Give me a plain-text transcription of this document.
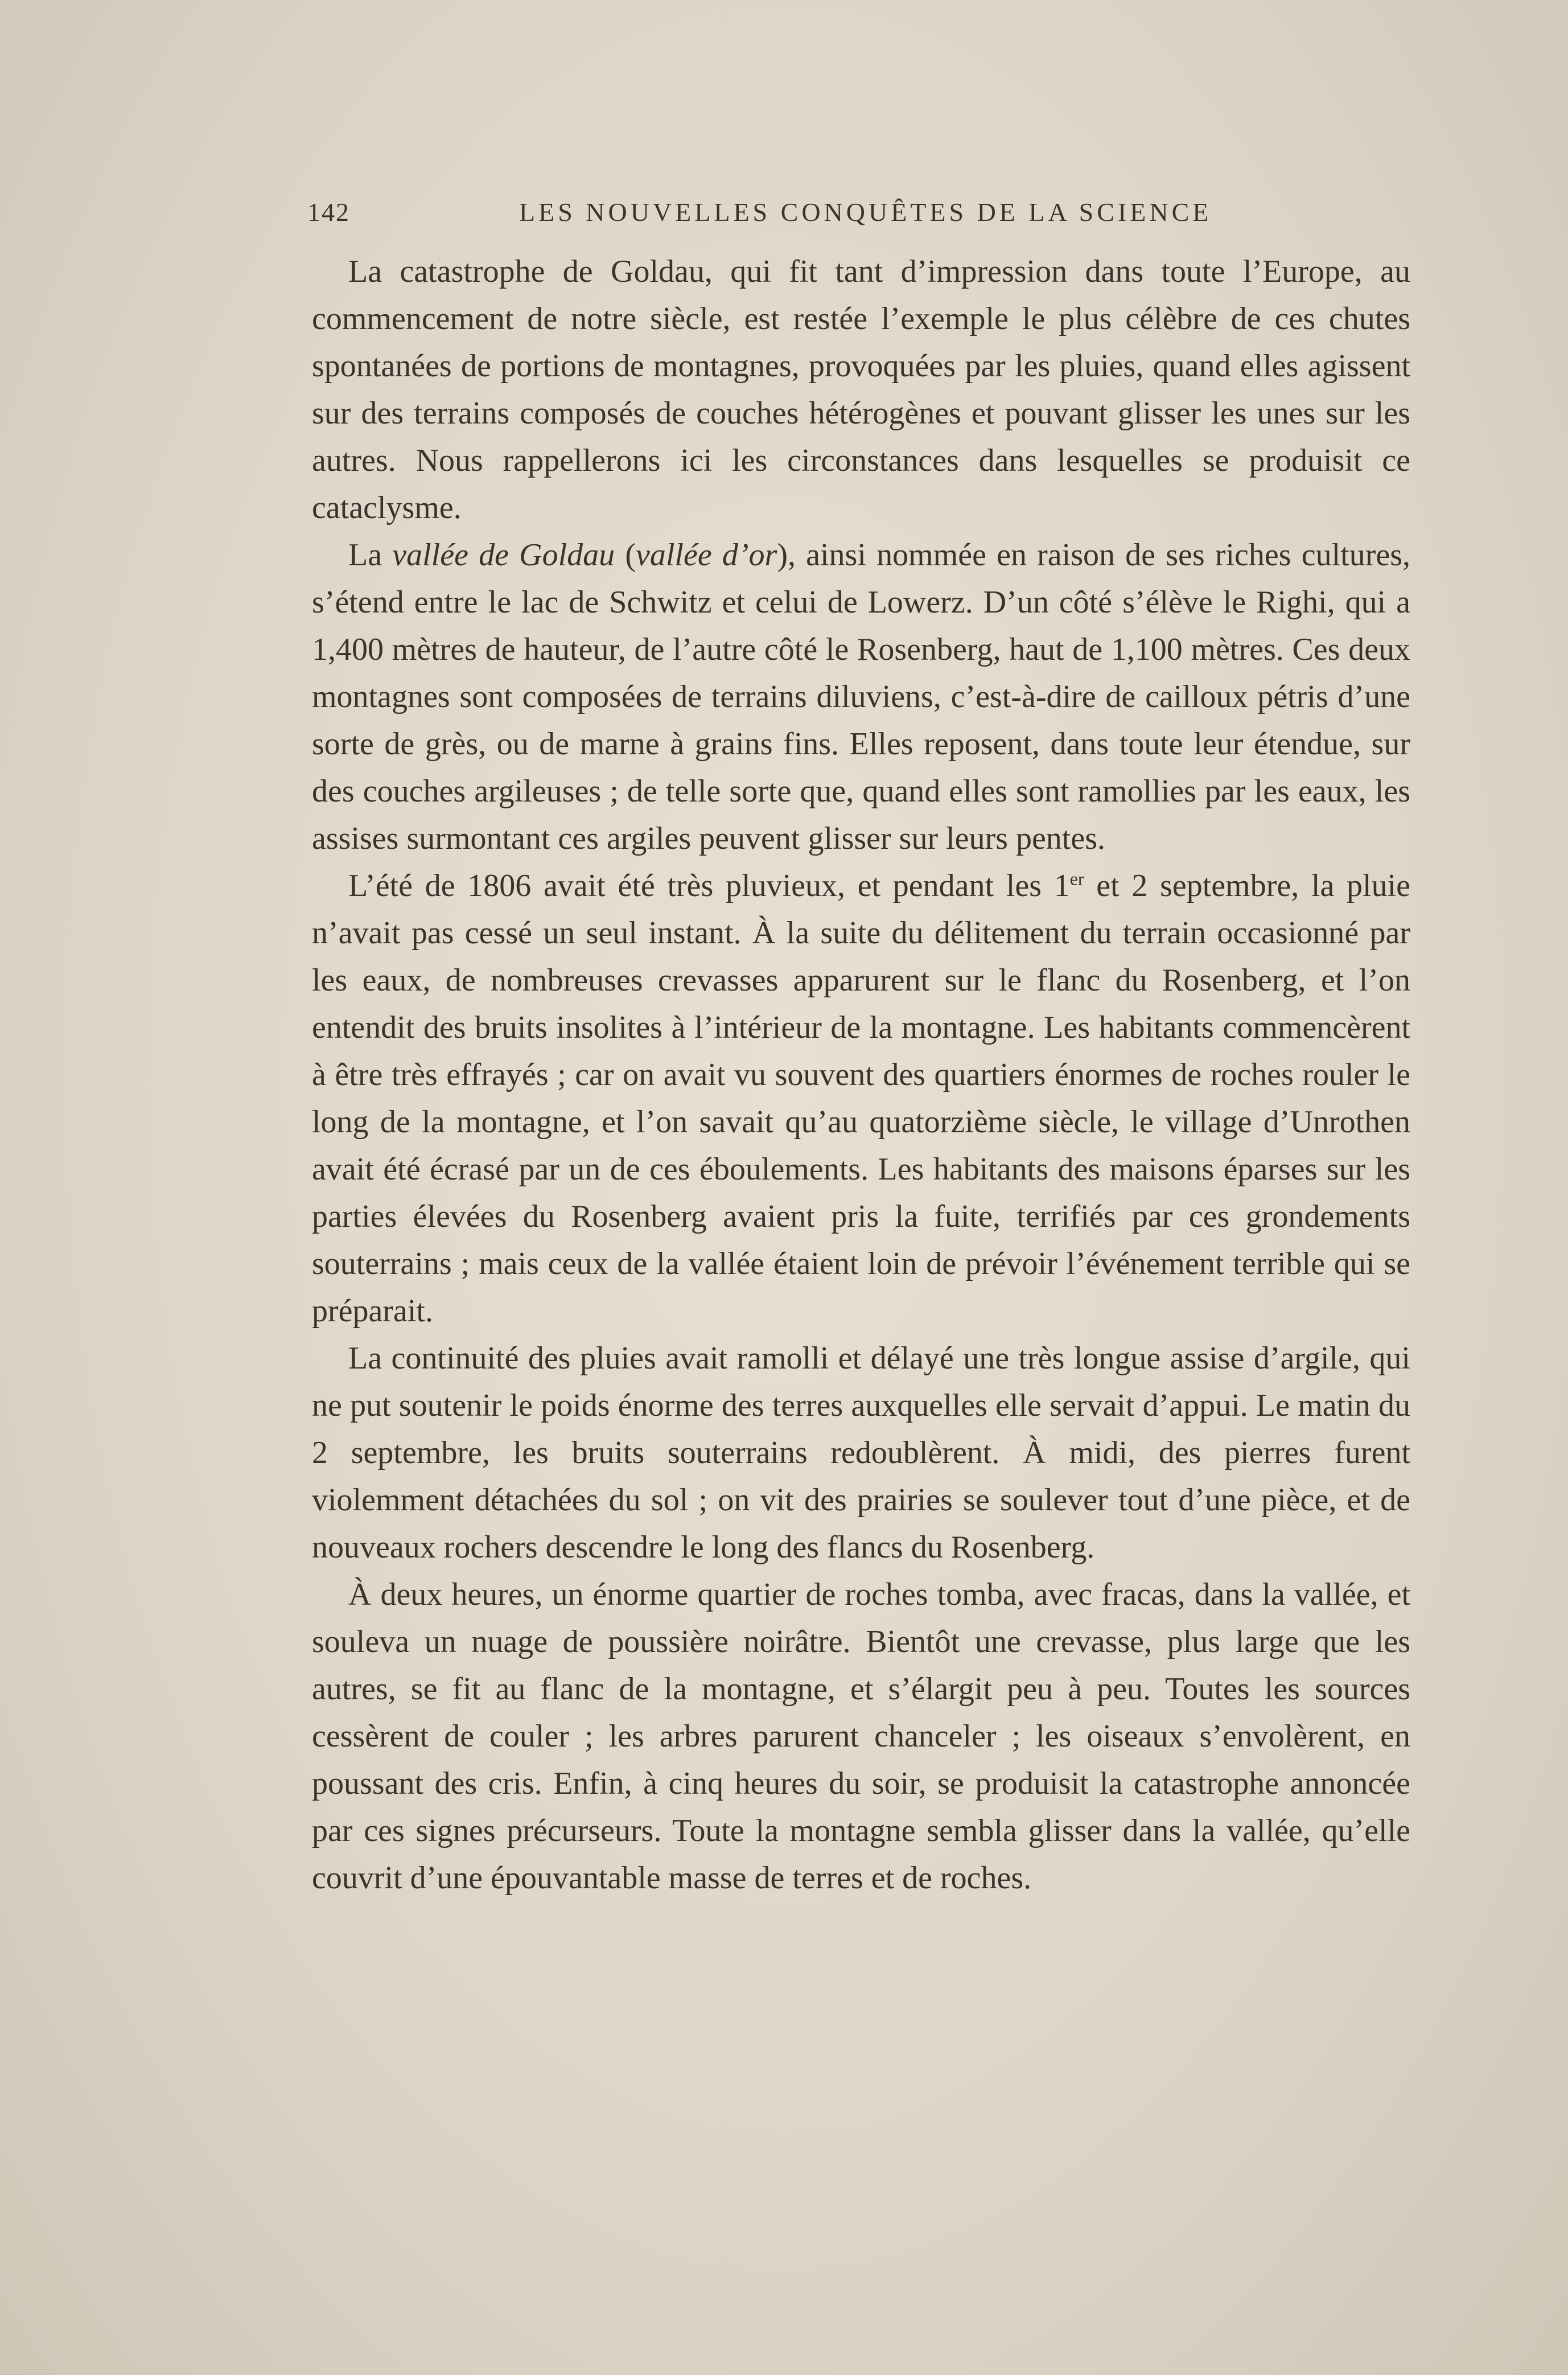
142	LES NOUVELLES CONQUÊTES DE LA SCIENCE

La catastrophe de Goldau, qui fit tant d’impression dans toute l’Europe, au commencement de notre siècle, est restée l’exemple le plus célèbre de ces chutes spontanées de portions de montagnes, provoquées par les pluies, quand elles agissent sur des terrains composés de couches hétérogènes et pouvant glisser les unes sur les autres. Nous rappellerons ici les circonstances dans lesquelles se produisit ce cataclysme.

La vallée de Goldau (vallée d’or), ainsi nommée en raison de ses riches cultures, s’étend entre le lac de Schwitz et celui de Lowerz. D’un côté s’élève le Righi, qui a 1,400 mètres de hauteur, de l’autre côté le Rosenberg, haut de 1,100 mètres. Ces deux montagnes sont composées de terrains diluviens, c’est-à-dire de cailloux pétris d’une sorte de grès, ou de marne à grains fins. Elles reposent, dans toute leur étendue, sur des couches argileuses ; de telle sorte que, quand elles sont ramollies par les eaux, les assises surmontant ces argiles peuvent glisser sur leurs pentes.

L’été de 1806 avait été très pluvieux, et pendant les 1er et 2 septembre, la pluie n’avait pas cessé un seul instant. À la suite du délitement du terrain occasionné par les eaux, de nombreuses crevasses apparurent sur le flanc du Rosenberg, et l’on entendit des bruits insolites à l’intérieur de la montagne. Les habitants commencèrent à être très effrayés ; car on avait vu souvent des quartiers énormes de roches rouler le long de la montagne, et l’on savait qu’au quatorzième siècle, le village d’Unrothen avait été écrasé par un de ces éboulements. Les habitants des maisons éparses sur les parties élevées du Rosenberg avaient pris la fuite, terrifiés par ces grondements souterrains ; mais ceux de la vallée étaient loin de prévoir l’événement terrible qui se préparait.

La continuité des pluies avait ramolli et délayé une très longue assise d’argile, qui ne put soutenir le poids énorme des terres auxquelles elle servait d’appui. Le matin du 2 septembre, les bruits souterrains redoublèrent. À midi, des pierres furent violemment détachées du sol ; on vit des prairies se soulever tout d’une pièce, et de nouveaux rochers descendre le long des flancs du Rosenberg.

À deux heures, un énorme quartier de roches tomba, avec fracas, dans la vallée, et souleva un nuage de poussière noirâtre. Bientôt une crevasse, plus large que les autres, se fit au flanc de la montagne, et s’élargit peu à peu. Toutes les sources cessèrent de couler ; les arbres parurent chanceler ; les oiseaux s’envolèrent, en poussant des cris. Enfin, à cinq heures du soir, se produisit la catastrophe annoncée par ces signes précurseurs. Toute la montagne sembla glisser dans la vallée, qu’elle couvrit d’une épouvantable masse de terres et de roches.
